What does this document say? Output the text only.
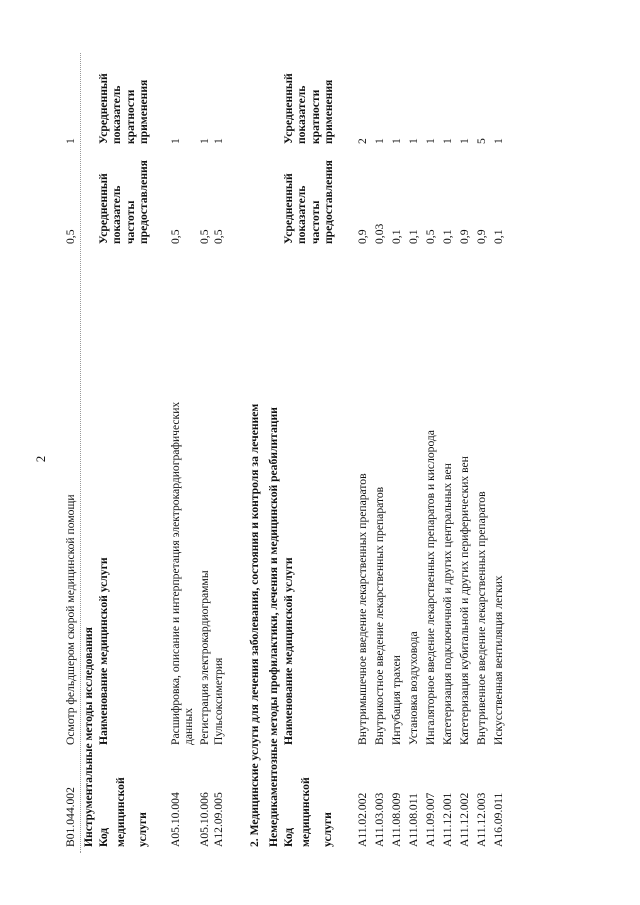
2
B01.044.002
Осмотр фельдшером скорой медицинской помощи
0,5
1
Инструментальные методы исследования Код медицинской услуги
Наименование медицинской услуги
Усредненный показатель частоты предоставления
Усредненный показатель кратности применения
A05.10.004
Расшифровка, описание и интерпретация электрокардиографических данных
0,5
1
A05.10.006
Регистрация электрокардиограммы
0,5
1
A12.09.005
Пульсоксиметрия
0,5
1
2. Медицинские услуги для лечения заболевания, состояния и контроля за лечением Немедикаментозные методы профилактики, лечения и медицинской реабилитации Код медицинской услуги
Наименование медицинской услуги
Усредненный показатель частоты предоставления
Усредненный показатель кратности применения
A11.02.002
Внутримышечное введение лекарственных препаратов
0,9
2
A11.03.003
Внутрикостное введение лекарственных препаратов
0,03
1
A11.08.009
Интубация трахеи
0,1
1
A11.08.011
Установка воздуховода
0,1
1
A11.09.007
Ингаляторное введение лекарственных препаратов и кислорода
0,5
1
A11.12.001
Катетеризация подключичной и других центральных вен
0,1
1
A11.12.002
Катетеризация кубитальной и других периферических вен
0,9
1
A11.12.003
Внутривенное введение лекарственных препаратов
0,9
5
A16.09.011
Искусственная вентиляция легких
0,1
1
